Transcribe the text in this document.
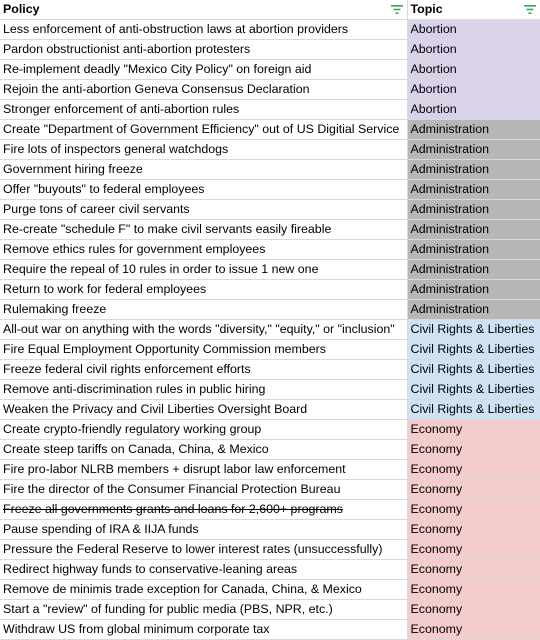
Policy	Topic

Less enforcement of anti-obstruction laws at abortion providers	Abortion
Pardon obstructionist anti-abortion protesters	Abortion
Re-implement deadly "Mexico City Policy" on foreign aid	Abortion
Rejoin the anti-abortion Geneva Consensus Declaration	Abortion
Stronger enforcement of anti-abortion rules	Abortion
Create "Department of Government Efficiency" out of US Digitial Service	Administration
Fire lots of inspectors general watchdogs	Administration
Government hiring freeze	Administration
Offer "buyouts" to federal employees	Administration
Purge tons of career civil servants	Administration
Re-create "schedule F" to make civil servants easily fireable	Administration
Remove ethics rules for government employees	Administration
Require the repeal of 10 rules in order to issue 1 new one	Administration
Return to work for federal employees	Administration
Rulemaking freeze	Administration
All-out war on anything with the words "diversity," "equity," or "inclusion"	Civil Rights & Liberties
Fire Equal Employment Opportunity Commission members	Civil Rights & Liberties
Freeze federal civil rights enforcement efforts	Civil Rights & Liberties
Remove anti-discrimination rules in public hiring	Civil Rights & Liberties
Weaken the Privacy and Civil Liberties Oversight Board	Civil Rights & Liberties
Create crypto-friendly regulatory working group	Economy
Create steep tariffs on Canada, China, & Mexico	Economy
Fire pro-labor NLRB members + disrupt labor law enforcement	Economy
Fire the director of the Consumer Financial Protection Bureau	Economy
Freeze all governments grants and loans for 2,600+ programs	Economy
Pause spending of IRA & IIJA funds	Economy
Pressure the Federal Reserve to lower interest rates (unsuccessfully)	Economy
Redirect highway funds to conservative-leaning areas	Economy
Remove de minimis trade exception for Canada, China, & Mexico	Economy
Start a "review" of funding for public media (PBS, NPR, etc.)	Economy
Withdraw US from global minimum corporate tax	Economy
